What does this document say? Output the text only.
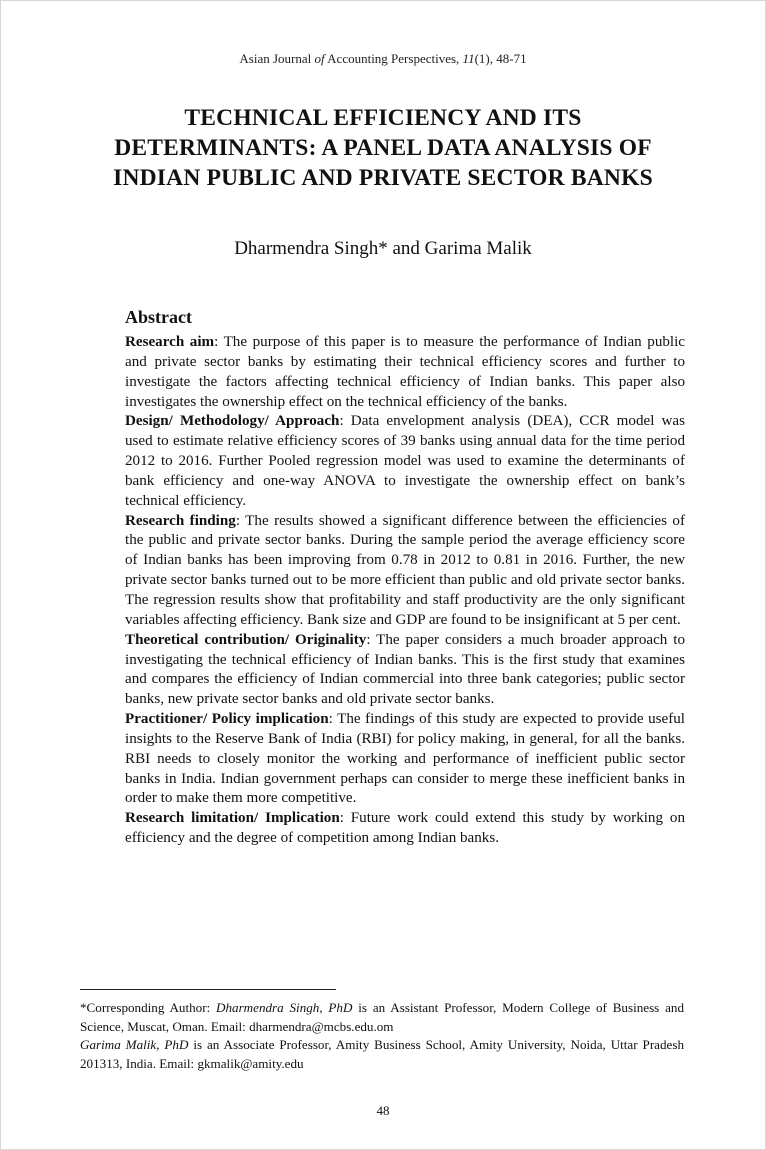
Asian Journal of Accounting Perspectives, 11(1), 48-71
TECHNICAL EFFICIENCY AND ITS
DETERMINANTS: A PANEL DATA ANALYSIS OF
INDIAN PUBLIC AND PRIVATE SECTOR BANKS
Dharmendra Singh* and Garima Malik
Abstract

Research aim: The purpose of this paper is to measure the performance of Indian public and private sector banks by estimating their technical efficiency scores and further to investigate the factors affecting technical efficiency of Indian banks. This paper also investigates the ownership effect on the technical efficiency of the banks.

Design/ Methodology/ Approach: Data envelopment analysis (DEA), CCR model was used to estimate relative efficiency scores of 39 banks using annual data for the time period 2012 to 2016. Further Pooled regression model was used to examine the determinants of bank efficiency and one-way ANOVA to investigate the ownership effect on bank’s technical efficiency.

Research finding: The results showed a significant difference between the efficiencies of the public and private sector banks. During the sample period the average efficiency score of Indian banks has been improving from 0.78 in 2012 to 0.81 in 2016. Further, the new private sector banks turned out to be more efficient than public and old private sector banks. The regression results show that profitability and staff productivity are the only significant variables affecting efficiency. Bank size and GDP are found to be insignificant at 5 per cent.

Theoretical contribution/ Originality: The paper considers a much broader approach to investigating the technical efficiency of Indian banks. This is the first study that examines and compares the efficiency of Indian commercial into three bank categories; public sector banks, new private sector banks and old private sector banks.

Practitioner/ Policy implication: The findings of this study are expected to provide useful insights to the Reserve Bank of India (RBI) for policy making, in general, for all the banks. RBI needs to closely monitor the working and performance of inefficient public sector banks in India. Indian government perhaps can consider to merge these inefficient banks in order to make them more competitive.

Research limitation/ Implication: Future work could extend this study by working on efficiency and the degree of competition among Indian banks.

*Corresponding Author: Dharmendra Singh, PhD is an Assistant Professor, Modern College of Business and Science, Muscat, Oman. Email: dharmendra@mcbs.edu.om

Garima Malik, PhD is an Associate Professor, Amity Business School, Amity University, Noida, Uttar Pradesh 201313, India. Email: gkmalik@amity.edu

48
